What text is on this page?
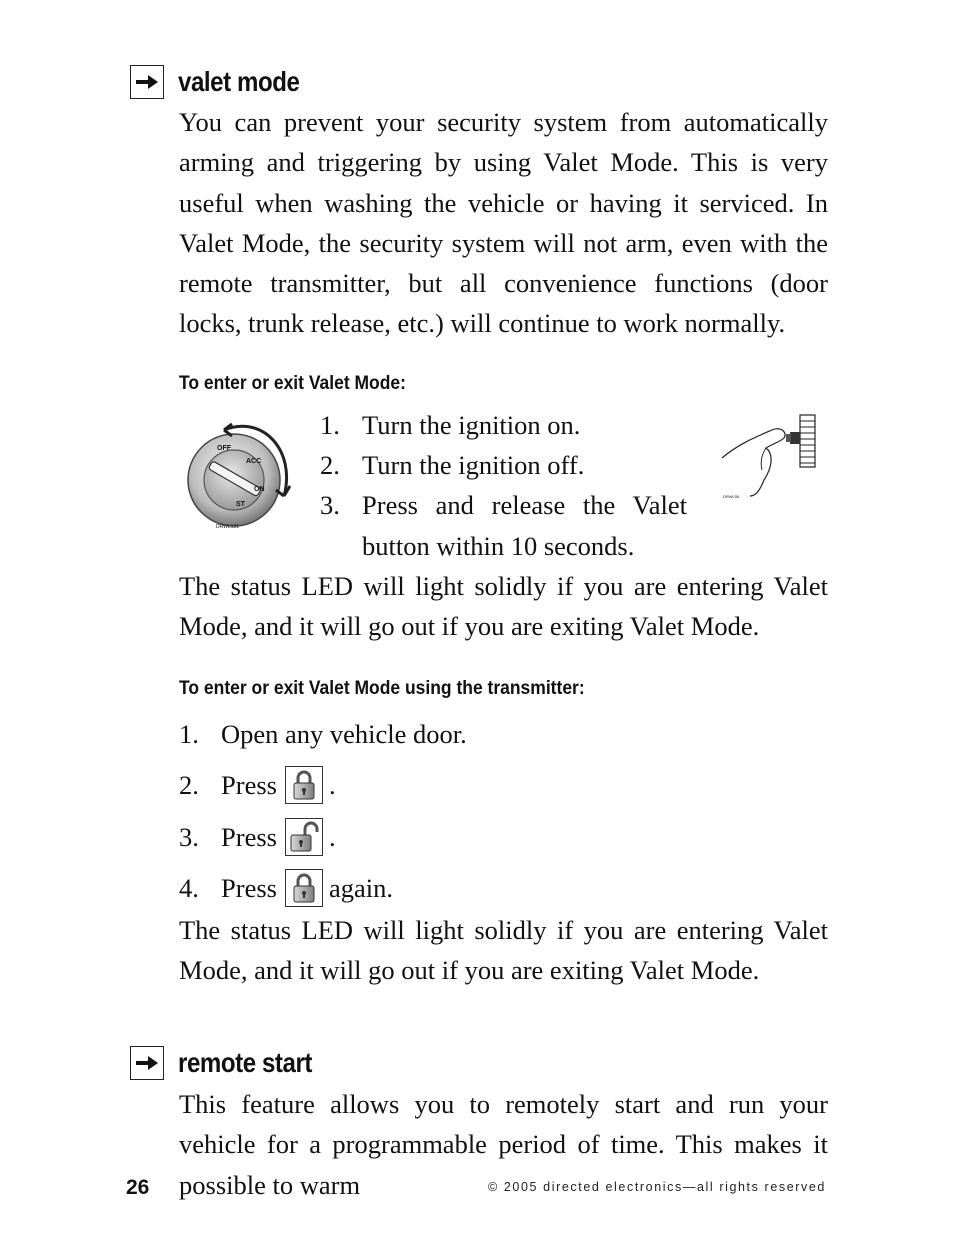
valet mode

You can prevent your security system from automatically arming and triggering by using Valet Mode. This is very useful when washing the vehicle or having it serviced. In Valet Mode, the security system will not arm, even with the remote transmitter, but all convenience functions (door locks, trunk release, etc.) will continue to work normally.

To enter or exit Valet Mode:
OFF
ACC
ON
ST
DRWL131
1. Turn the ignition on.
2. Turn the ignition off.
3. Press and release the Valet
button within 10 seconds.
DRWL55

The status LED will light solidly if you are entering Valet Mode, and it will go out if you are exiting Valet Mode.

To enter or exit Valet Mode using the transmitter:
1. Open any vehicle door.
2. Press .
3. Press .
4. Press again.

The status LED will light solidly if you are entering Valet Mode, and it will go out if you are exiting Valet Mode.

remote start

This feature allows you to remotely start and run your vehicle for a programmable period of time. This makes it possible to warm

26	© 2005 directed electronics—all rights reserved
